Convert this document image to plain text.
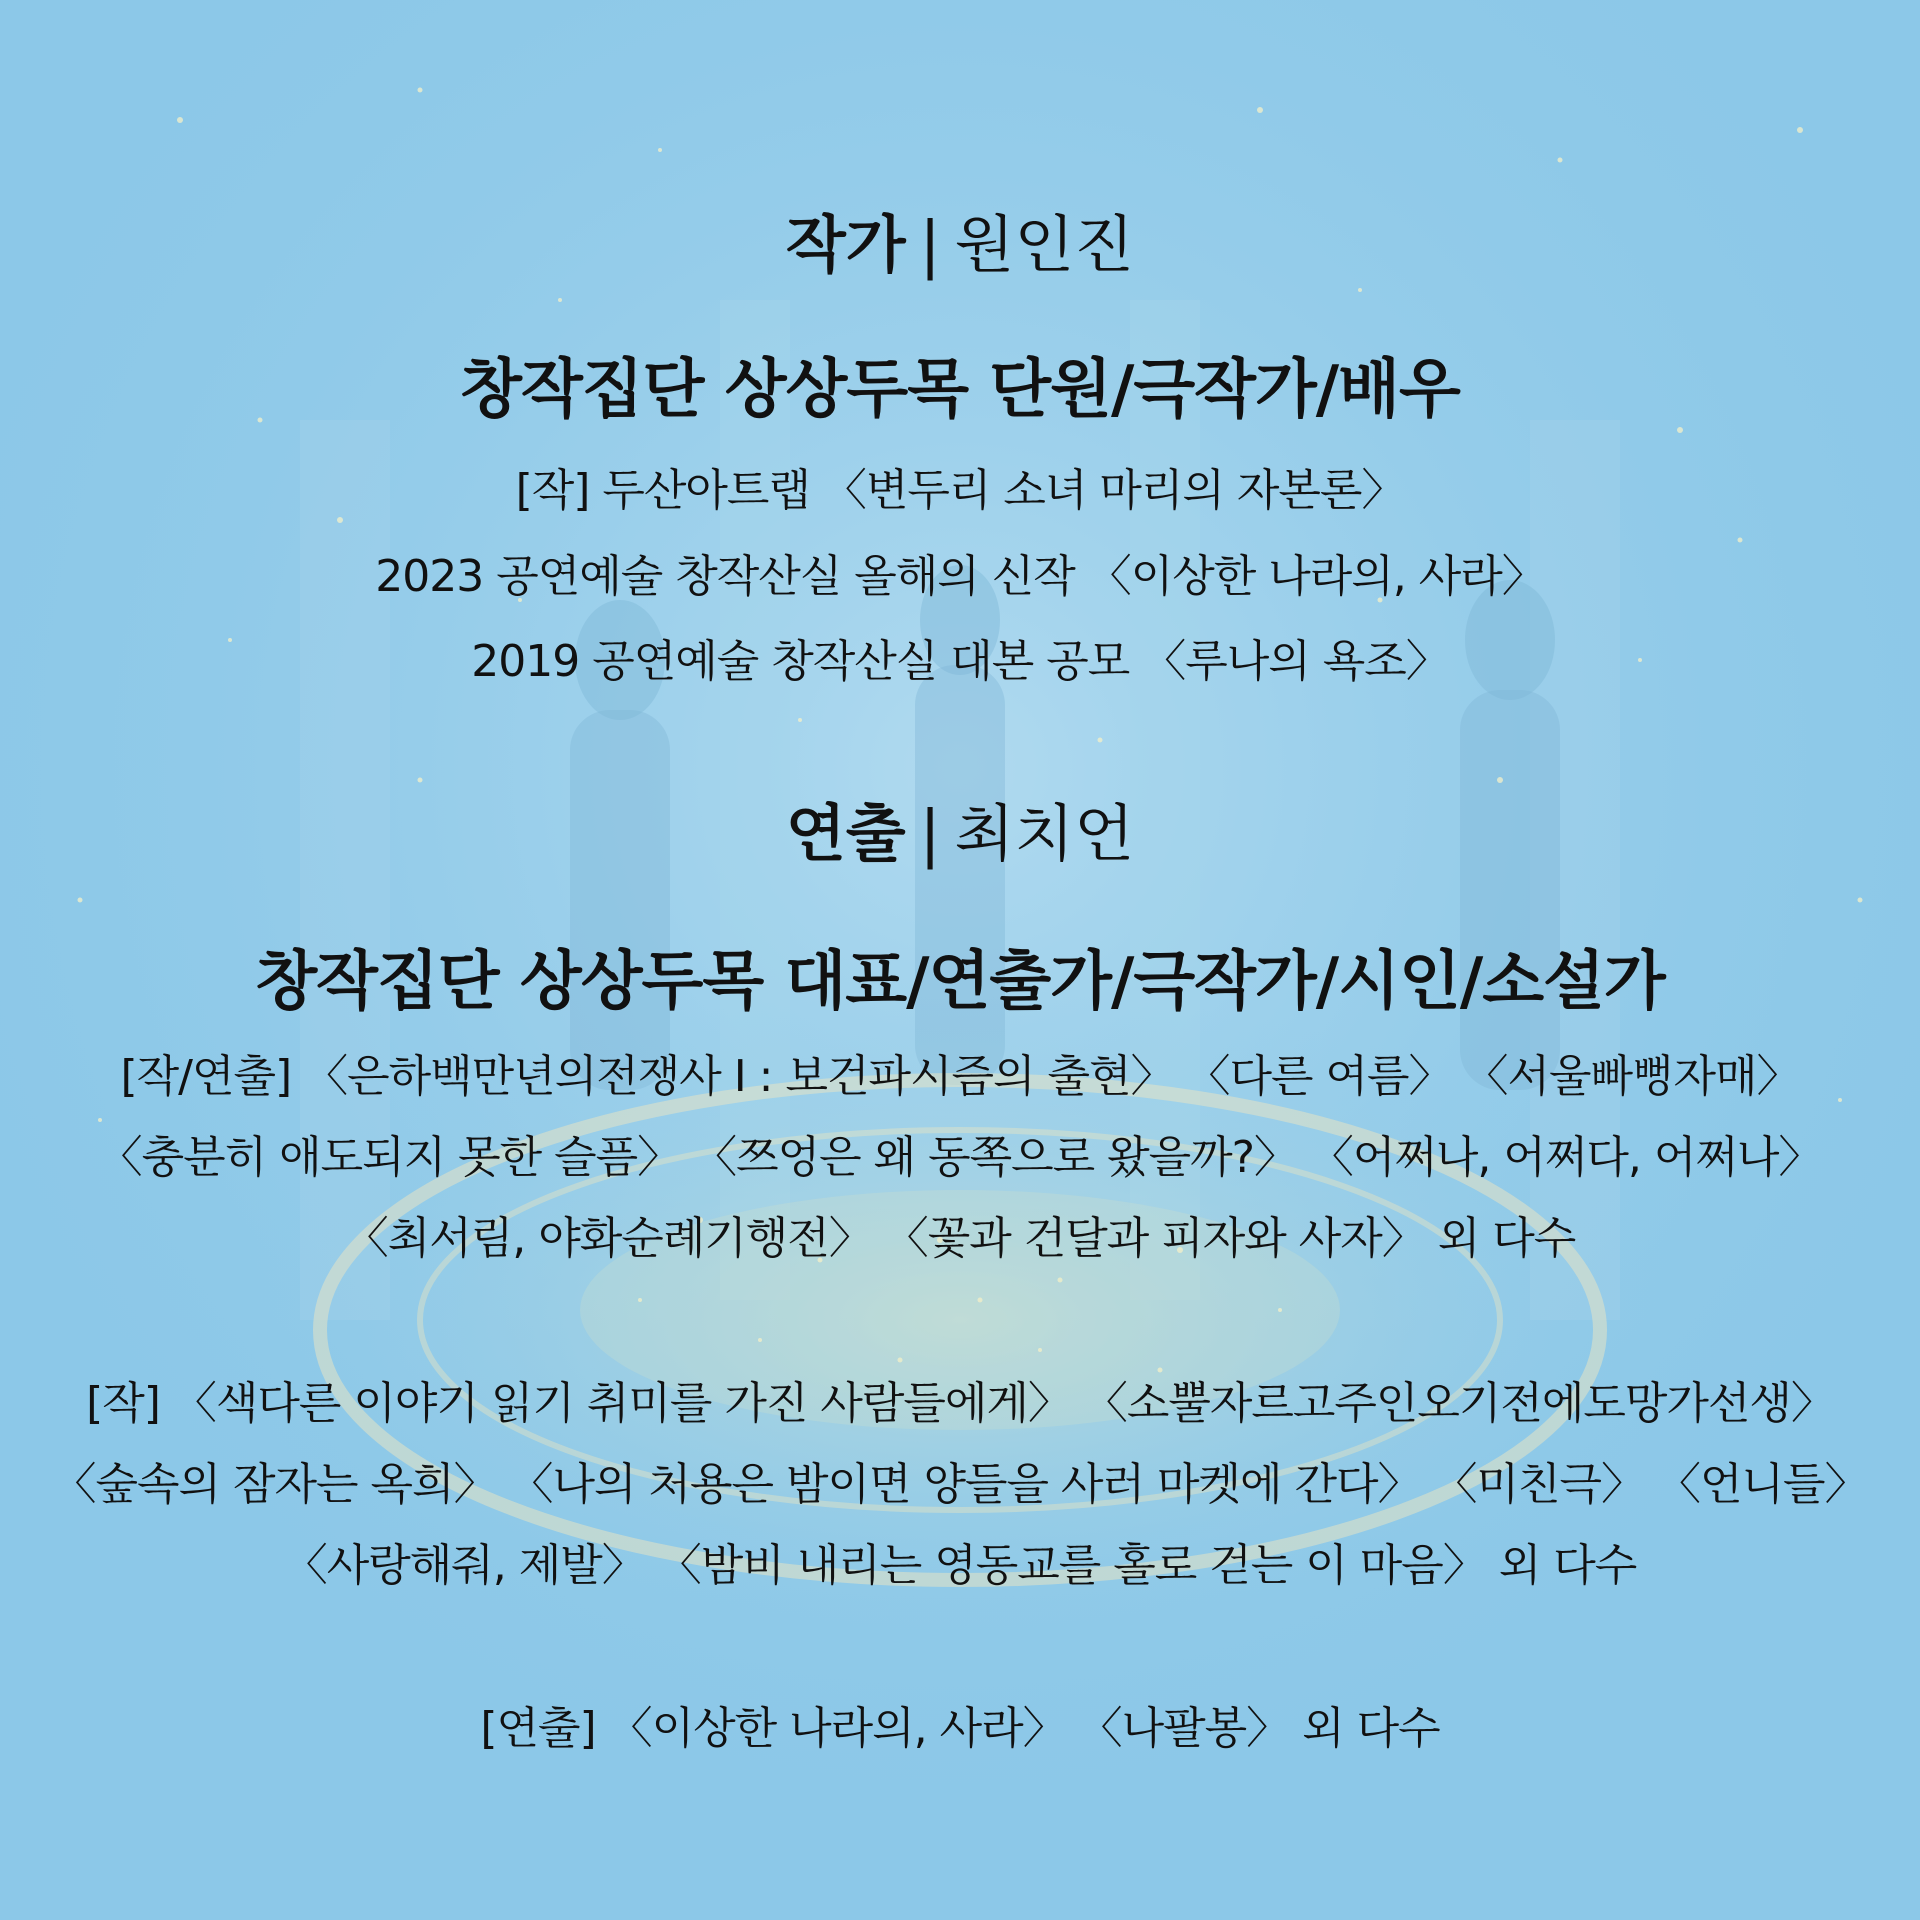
작가 | 원인진
창작집단 상상두목 단원/극작가/배우
[작] 두산아트랩 〈변두리 소녀 마리의 자본론〉
2023 공연예술 창작산실 올해의 신작 〈이상한 나라의, 사라〉
2019 공연예술 창작산실 대본 공모 〈루나의 욕조〉
연출 | 최치언
창작집단 상상두목 대표/연출가/극작가/시인/소설가
[작/연출] 〈은하백만년의전쟁사 I : 보건파시즘의 출현〉 〈다른 여름〉 〈서울빠뻥자매〉
〈충분히 애도되지 못한 슬픔〉 〈쯔엉은 왜 동쪽으로 왔을까?〉 〈어쩌나, 어쩌다, 어쩌나〉
〈최서림, 야화순례기행전〉 〈꽃과 건달과 피자와 사자〉 외 다수
[작] 〈색다른 이야기 읽기 취미를 가진 사람들에게〉 〈소뿔자르고주인오기전에도망가선생〉
〈숲속의 잠자는 옥희〉 〈나의 처용은 밤이면 양들을 사러 마켓에 간다〉 〈미친극〉 〈언니들〉
〈사랑해줘, 제발〉 〈밤비 내리는 영동교를 홀로 걷는 이 마음〉 외 다수
[연출] 〈이상한 나라의, 사라〉 〈나팔봉〉 외 다수
